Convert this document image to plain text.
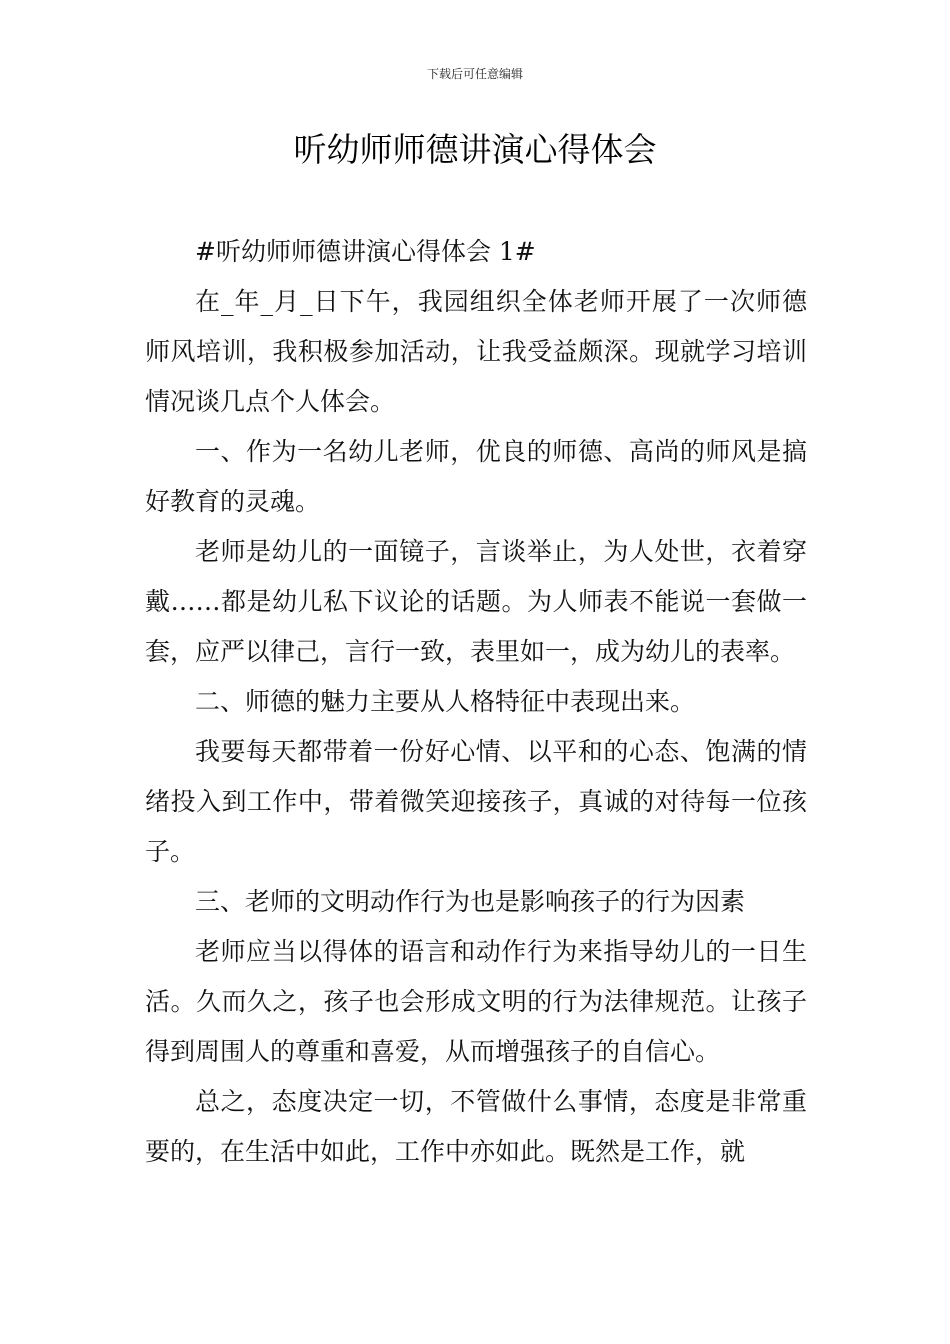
下载后可任意编辑
听幼师师德讲演心得体会

#听幼师师德讲演心得体会 1#

在_年_月_日下午，我园组织全体老师开展了一次师德师风培训，我积极参加活动，让我受益颇深。现就学习培训情况谈几点个人体会。

一、作为一名幼儿老师，优良的师德、高尚的师风是搞好教育的灵魂。

老师是幼儿的一面镜子，言谈举止，为人处世，衣着穿戴……都是幼儿私下议论的话题。为人师表不能说一套做一套，应严以律己，言行一致，表里如一，成为幼儿的表率。

二、师德的魅力主要从人格特征中表现出来。

我要每天都带着一份好心情、以平和的心态、饱满的情绪投入到工作中，带着微笑迎接孩子，真诚的对待每一位孩子。

三、老师的文明动作行为也是影响孩子的行为因素

老师应当以得体的语言和动作行为来指导幼儿的一日生活。久而久之，孩子也会形成文明的行为法律规范。让孩子得到周围人的尊重和喜爱，从而增强孩子的自信心。

总之，态度决定一切，不管做什么事情，态度是非常重要的，在生活中如此，工作中亦如此。既然是工作，就
